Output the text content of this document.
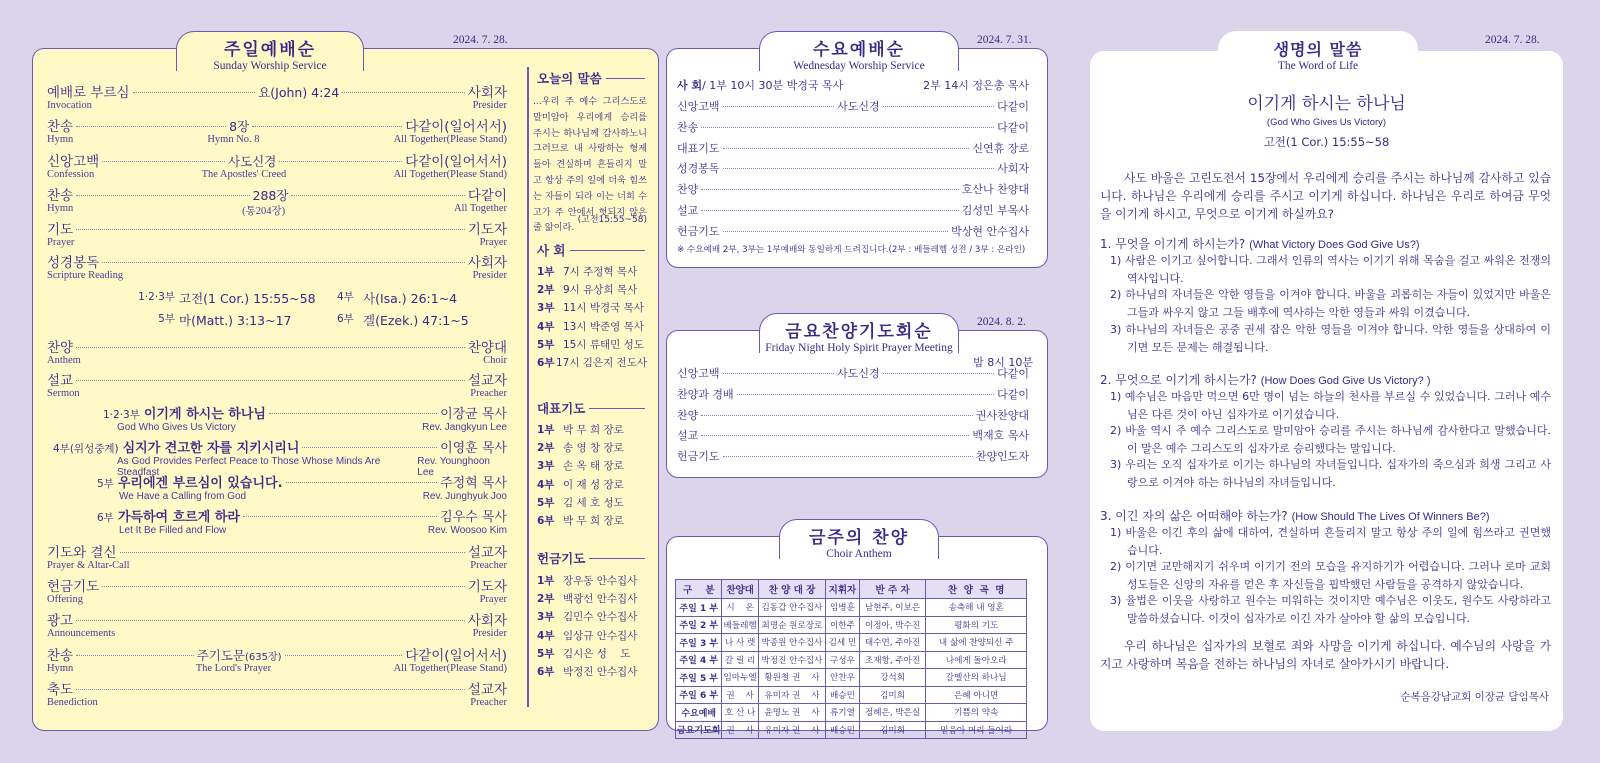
주일예배순
Sunday Worship Service
예배로 부르심	요(John) 4:24	사회자
Invocation	Presider
찬송	8장	다같이(일어서서)
Hymn	Hymn No. 8	All Together(Please Stand)
신앙고백	사도신경	다같이(일어서서)
Confession	The Apostles' Creed	All Together(Please Stand)
찬송	288장	다같이
Hymn	(통204장)	All Together
기도	기도자
Prayer	Prayer
성경봉독	사회자
Scripture Reading	Presider
1·2·3부 고전(1 Cor.) 15:55~58 4부 사(Isa.) 26:1~4
5부 마(Matt.) 3:13~17	6부 겔(Ezek.) 47:1~5
찬양	찬양대
Anthem	Choir
설교	설교자
Sermon	Preacher
1·2·3부 이기게 하시는 하나님	이장균 목사
God Who Gives Us Victory	Rev. Jangkyun Lee
4부(위성중계) 심지가 견고한 자를 지키시리니	이영훈 목사
As God Provides Perfect Peace to Those Whose Minds Are Steadfast
Rev. Younghoon Lee
5부 우리에겐 부르심이 있습니다.	주정혁 목사
We Have a Calling from God	Rev. Junghyuk Joo
6부 가득하여 흐르게 하라	김우수 목사
Let It Be Filled and Flow	Rev. Woosoo Kim
기도와 결신	설교자
Prayer & Altar-Call	Preacher
헌금기도	기도자
Offering	Prayer
광고	사회자
Announcements	Presider
찬송	주기도문(635장)	다같이(일어서서)
Hymn	The Lord's Prayer	All Together(Please Stand)
축도	설교자
Benediction	Preacher
오늘의 말씀
...우리 주 예수 그리스도로 말미암아 우리에게 승리를 주시는 하나님께 감사하노니 그러므로 내 사랑하는 형제들아 견실하며 흔들리지 말고 항상 주의 일에 더욱 힘쓰는 자들이 되라 이는 너희 수고가 주 안에서 헛되지 않은 줄 앎이라.
(고전15:55~58)
사 회
1부 7시 주정혁 목사
2부 9시 유상희 목사
3부 11시 박경국 목사
4부 13시 박준영 목사
5부 15시 류태민 성도
6부 17시 김은지 전도사
대표기도
1부 박 무 희 장로
2부 송 영 창 장로
3부 손 옥 태 장로
4부 이 재 성 장로
5부 김 세 호 성도
6부 박 무 희 장로
헌금기도
1부 장우동 안수집사
2부 백광선 안수집사
3부 김민수 안수집사
4부 임상규 안수집사
5부 김시은 성    도
6부 박정진 안수집사
2024. 7. 28.	수요예배순
Wednesday Worship Service
사 회/ 1부 10시 30분 박경국 목사	2부 14시 정은총 목사
신앙고백	사도신경	다같이
찬송	다같이
대표기도	신연휴 장로
성경봉독	사회자
찬양	호산나 찬양대
설교	김성민 부목사
헌금기도	박상현 안수집사
※ 수요예배 2부, 3부는 1부예배와 동일하게 드려집니다.(2부 : 베들레헴 성전 / 3부 : 온라인)
2024. 7. 31.
금요찬양기도회순
Friday Night Holy Spirit Prayer Meeting
밤 8시 10분
신앙고백	사도신경	다같이
찬양과 경배	다같이
찬양	권사찬양대
설교	백재호 목사
헌금기도	찬양인도자
2024. 8. 2.
금주의 찬양
Choir Anthem
구    분	찬양대	찬 양 대 장	지휘자	반 주 자	찬  양  곡  명
주일 1 부	시    온	김동갑 안수집사	임병훈	남현주, 이보은	송축해 내 영혼
주일 2 부	베들레헴	최명순 원로장로	이한주	이정아, 박수진	평화의 기도
주일 3 부	나 사 렛	박종원 안수집사	김세 민	태수연, 주아진	내 삶에 찬양되신 주
주일 4 부	갈 릴 리	박정진 안수집사	구성우	조재항, 주아진	나에게 돌아오라
주일 5 부	임마누엘	황원철 권    사	안찬우	강석희	갈멜산의 하나님
주일 6 부	권    사	유미자 권    사	배승민	김미희	은혜 아니면
수요예배	호 산 나	윤명노 권    사	류기열	정혜은, 박은실	기쁨의 약속
금요기도회	권    사	유미자 권    사	배승민	김미희	믿음아 머리 들어라
생명의 말씀
The Word of Life
이기게 하시는 하나님
(God Who Gives Us Victory)
고전(1 Cor.) 15:55~58
사도 바울은 고린도전서 15장에서 우리에게 승리를 주시는 하나님께 감사하고 있습니다. 하나님은 우리에게 승리를 주시고 이기게 하십니다. 하나님은 우리로 하여금 무엇을 이기게 하시고, 무엇으로 이기게 하실까요?
1. 무엇을 이기게 하시는가? (What Victory Does God Give Us?)
1) 사람은 이기고 싶어합니다. 그래서 인류의 역사는 이기기 위해 목숨을 걸고 싸워온 전쟁의 역사입니다.
2) 하나님의 자녀들은 악한 영들을 이겨야 합니다. 바울을 괴롭히는 자들이 있었지만 바울은 그들과 싸우지 않고 그들 배후에 역사하는 악한 영들과 싸워 이겼습니다.
3) 하나님의 자녀들은 공중 권세 잡은 악한 영들을 이겨야 합니다. 악한 영들을 상대하여 이기면 모든 문제는 해결됩니다.
2. 무엇으로 이기게 하시는가? (How Does God Give Us Victory? )
1) 예수님은 마음만 먹으면 6만 명이 넘는 하늘의 천사를 부르실 수 있었습니다. 그러나 예수님은 다른 것이 아닌 십자가로 이기셨습니다.
2) 바울 역시 주 예수 그리스도로 말미암아 승리를 주시는 하나님께 감사한다고 말했습니다. 이 말은 예수 그리스도의 십자가로 승리했다는 말입니다.
3) 우리는 오직 십자가로 이기는 하나님의 자녀들입니다. 십자가의 죽으심과 희생 그리고 사랑으로 이겨야 하는 하나님의 자녀들입니다.
3. 이긴 자의 삶은 어떠해야 하는가? (How Should The Lives Of Winners Be?)
1) 바울은 이긴 후의 삶에 대하여, 견실하며 흔들리지 말고 항상 주의 일에 힘쓰라고 권면했습니다.
2) 이기면 교만해지기 쉬우며 이기기 전의 모습을 유지하기가 어렵습니다. 그러나 로마 교회 성도들은 신앙의 자유를 얻은 후 자신들을 핍박했던 사람들을 공격하지 않았습니다.
3) 율법은 이웃을 사랑하고 원수는 미워하는 것이지만 예수님은 이웃도, 원수도 사랑하라고 말씀하셨습니다. 이것이 십자가로 이긴 자가 살아야 할 삶의 모습입니다.
우리 하나님은 십자가의 보혈로 죄와 사망을 이기게 하십니다. 예수님의 사랑을 가지고 사랑하며 복음을 전하는 하나님의 자녀로 살아가시기 바랍니다.
순복음강남교회 이장균 담임목사
2024. 7. 28.
